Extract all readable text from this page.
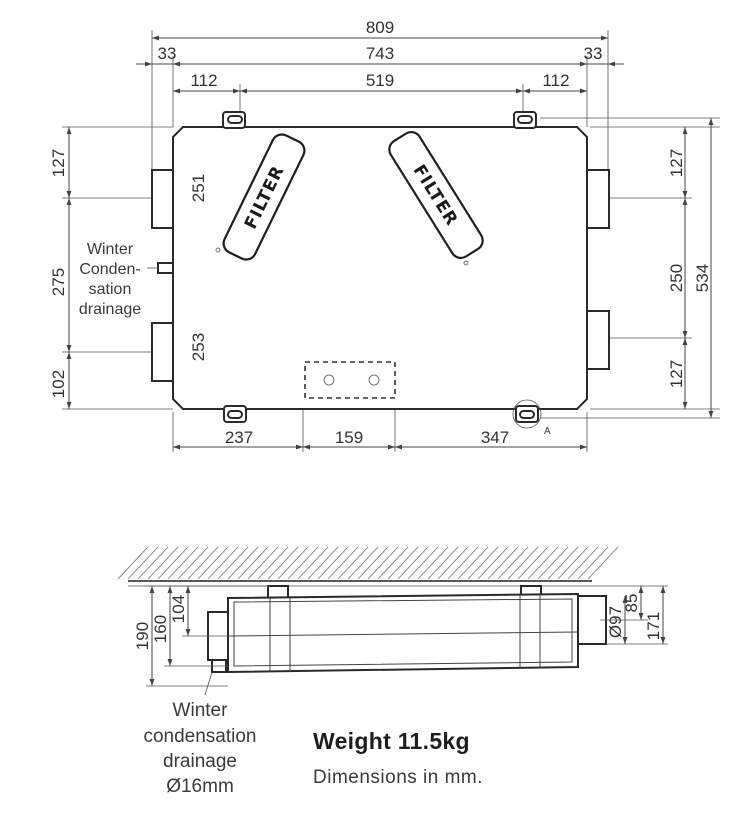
A
FILTER	FILTER
809
743
33	33
112	519	112
237	159	347
127
275
102
251
253
127
250
127
534
Winter
Conden-
sation
drainage
190 160
104	Ø97
85
171
Winter
condensation
drainage
Ø16mm
Weight 11.5kg
Dimensions in mm.
